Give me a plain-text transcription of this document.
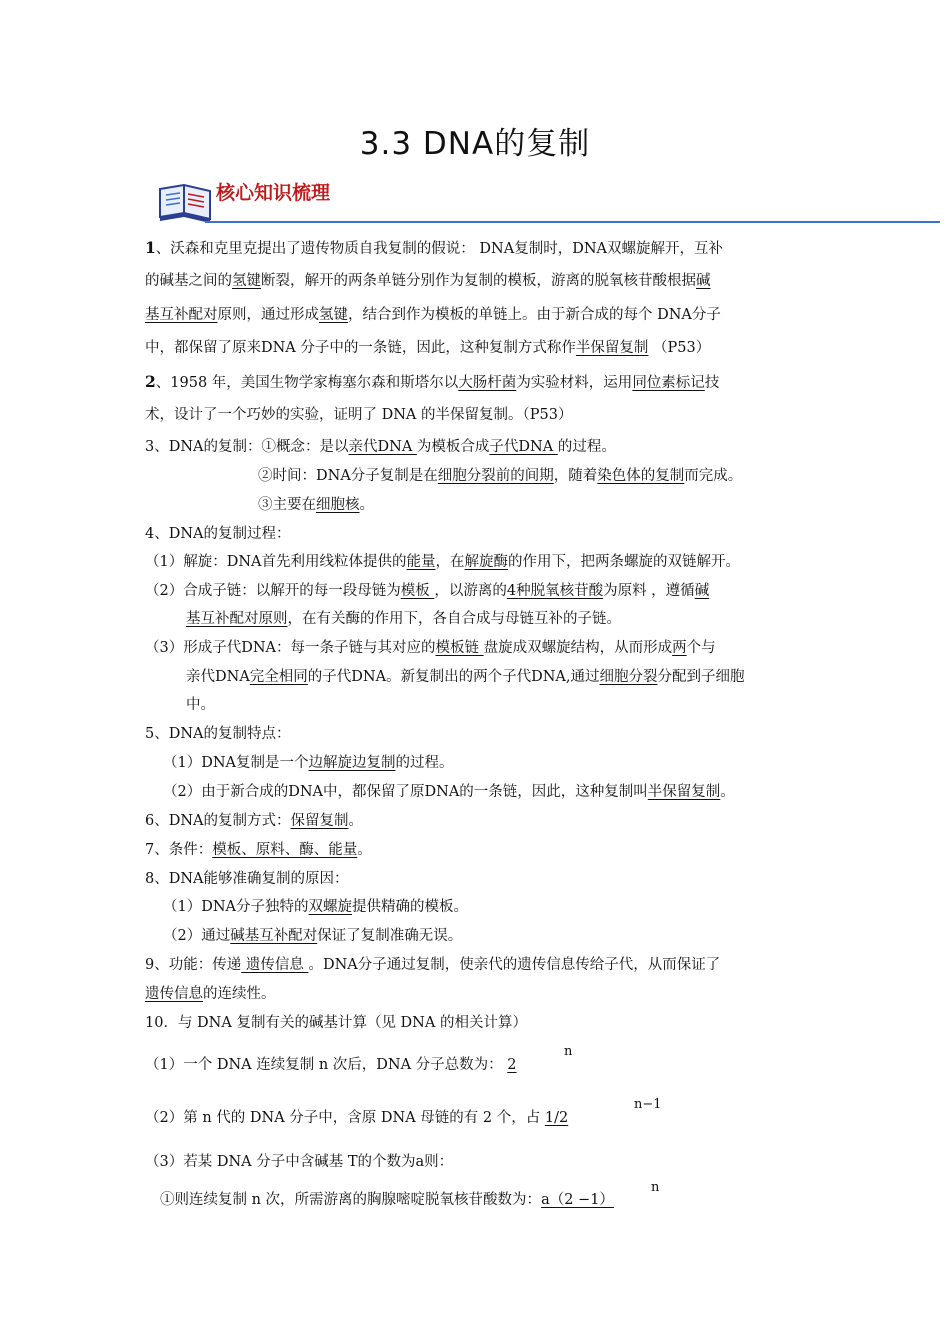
3.3 DNA的复制
核心知识梳理
1、沃森和克里克提出了遗传物质自我复制的假说： DNA复制时，DNA双螺旋解开，互补
的碱基之间的氢键断裂，解开的两条单链分别作为复制的模板，游离的脱氧核苷酸根据碱
基互补配对原则，通过形成氢键，结合到作为模板的单链上。由于新合成的每个 DNA分子
中，都保留了原来DNA 分子中的一条链，因此，这种复制方式称作半保留复制 （P53）
2、1958 年，美国生物学家梅塞尔森和斯塔尔以大肠杆菌为实验材料，运用同位素标记技
术，设计了一个巧妙的实验，证明了 DNA 的半保留复制。（P53）
3、DNA的复制：①概念：是以亲代DNA 为模板合成子代DNA 的过程。
②时间：DNA分子复制是在细胞分裂前的间期，随着染色体的复制而完成。
③主要在细胞核。
4、DNA的复制过程：
（1）解旋：DNA首先利用线粒体提供的能量，在解旋酶的作用下，把两条螺旋的双链解开。
（2）合成子链：以解开的每一段母链为模板 ，以游离的4种脱氧核苷酸为原料 ，遵循碱
基互补配对原则，在有关酶的作用下，各自合成与母链互补的子链。
（3）形成子代DNA：每一条子链与其对应的模板链 盘旋成双螺旋结构，从而形成两个与
亲代DNA完全相同的子代DNA。新复制出的两个子代DNA,通过细胞分裂分配到子细胞
中。
5、DNA的复制特点：
（1）DNA复制是一个边解旋边复制的过程。
（2）由于新合成的DNA中，都保留了原DNA的一条链，因此，这种复制叫半保留复制。
6、DNA的复制方式：保留复制。
7、条件：模板、原料、酶、能量。
8、DNA能够准确复制的原因：
（1）DNA分子独特的双螺旋提供精确的模板。
（2）通过碱基互补配对保证了复制准确无误。
9、功能：传递 遗传信息 。DNA分子通过复制，使亲代的遗传信息传给子代，从而保证了
遗传信息的连续性。
10．与 DNA 复制有关的碱基计算（见 DNA 的相关计算）
（1）一个 DNA 连续复制 n 次后，DNA 分子总数为： 2
n
（2）第 n 代的 DNA 分子中，含原 DNA 母链的有 2 个，占 1/2
n−1
（3）若某 DNA 分子中含碱基 T的个数为a则：
①则连续复制 n 次，所需游离的胸腺嘧啶脱氧核苷酸数为：a（2 −1）
n
